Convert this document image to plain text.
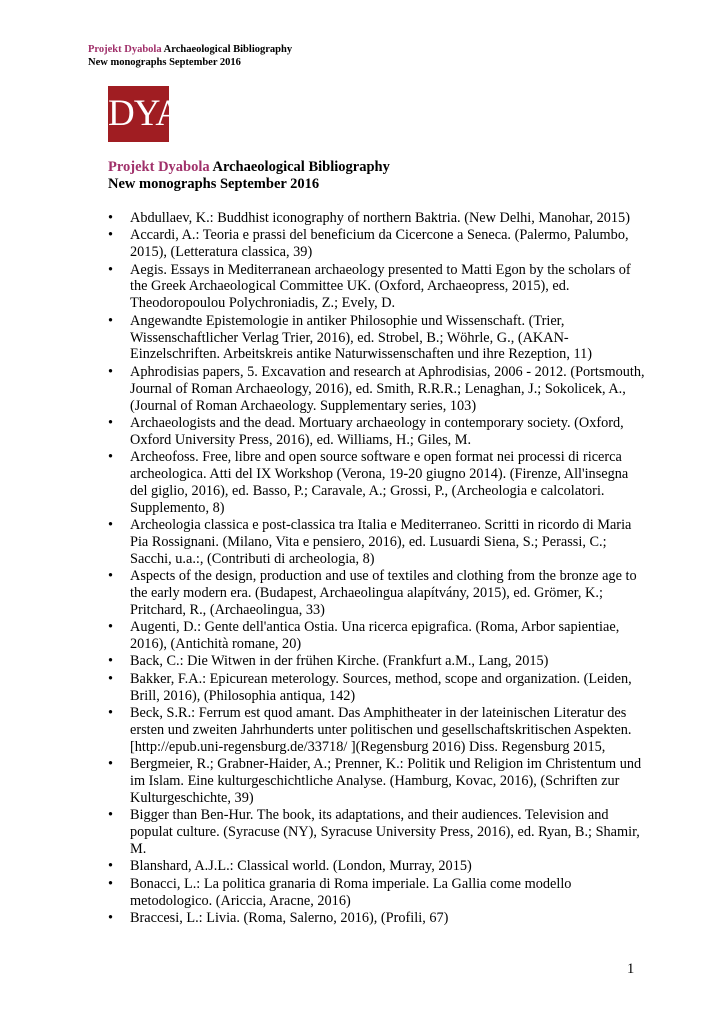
Projekt Dyabola Archaeological Bibliography
New monographs September 2016
DYA
Projekt Dyabola Archaeological Bibliography
New monographs September 2016
• Abdullaev, K.: Buddhist iconography of northern Baktria. (New Delhi, Manohar, 2015)
• Accardi, A.: Teoria e prassi del beneficium da Cicercone a Seneca. (Palermo, Palumbo, 2015), (Letteratura classica, 39)
• Aegis. Essays in Mediterranean archaeology presented to Matti Egon by the scholars of the Greek Archaeological Committee UK. (Oxford, Archaeopress, 2015), ed. Theodoropoulou Polychroniadis, Z.; Evely, D.
• Angewandte Epistemologie in antiker Philosophie und Wissenschaft. (Trier, Wissenschaftlicher Verlag Trier, 2016), ed. Strobel, B.; Wöhrle, G., (AKAN-Einzelschriften. Arbeitskreis antike Naturwissenschaften und ihre Rezeption, 11)
• Aphrodisias papers, 5. Excavation and research at Aphrodisias, 2006 - 2012. (Portsmouth, Journal of Roman Archaeology, 2016), ed. Smith, R.R.R.; Lenaghan, J.; Sokolicek, A., (Journal of Roman Archaeology. Supplementary series, 103)
• Archaeologists and the dead. Mortuary archaeology in contemporary society. (Oxford, Oxford University Press, 2016), ed. Williams, H.; Giles, M.
• Archeofoss. Free, libre and open source software e open format nei processi di ricerca archeologica. Atti del IX Workshop (Verona, 19-20 giugno 2014). (Firenze, All'insegna del giglio, 2016), ed. Basso, P.; Caravale, A.; Grossi, P., (Archeologia e calcolatori. Supplemento, 8)
• Archeologia classica e post-classica tra Italia e Mediterraneo. Scritti in ricordo di Maria Pia Rossignani. (Milano, Vita e pensiero, 2016), ed. Lusuardi Siena, S.; Perassi, C.; Sacchi, u.a.:, (Contributi di archeologia, 8)
• Aspects of the design, production and use of textiles and clothing from the bronze age to the early modern era. (Budapest, Archaeolingua alapítvány, 2015), ed. Grömer, K.; Pritchard, R., (Archaeolingua, 33)
• Augenti, D.: Gente dell'antica Ostia. Una ricerca epigrafica. (Roma, Arbor sapientiae, 2016), (Antichità romane, 20)
• Back, C.: Die Witwen in der frühen Kirche. (Frankfurt a.M., Lang, 2015)
• Bakker, F.A.: Epicurean meterology. Sources, method, scope and organization. (Leiden, Brill, 2016), (Philosophia antiqua, 142)
• Beck, S.R.: Ferrum est quod amant. Das Amphitheater in der lateinischen Literatur des ersten und zweiten Jahrhunderts unter politischen und gesellschaftskritischen Aspekten. [http://epub.uni-regensburg.de/33718/ ](Regensburg 2016) Diss. Regensburg 2015,
• Bergmeier, R.; Grabner-Haider, A.; Prenner, K.: Politik und Religion im Christentum und im Islam. Eine kulturgeschichtliche Analyse. (Hamburg, Kovac, 2016), (Schriften zur Kulturgeschichte, 39)
• Bigger than Ben-Hur. The book, its adaptations, and their audiences. Television and populat culture. (Syracuse (NY), Syracuse University Press, 2016), ed. Ryan, B.; Shamir, M.
• Blanshard, A.J.L.: Classical world. (London, Murray, 2015)
• Bonacci, L.: La politica granaria di Roma imperiale. La Gallia come modello metodologico. (Ariccia, Aracne, 2016)
• Braccesi, L.: Livia. (Roma, Salerno, 2016), (Profili, 67)
1
